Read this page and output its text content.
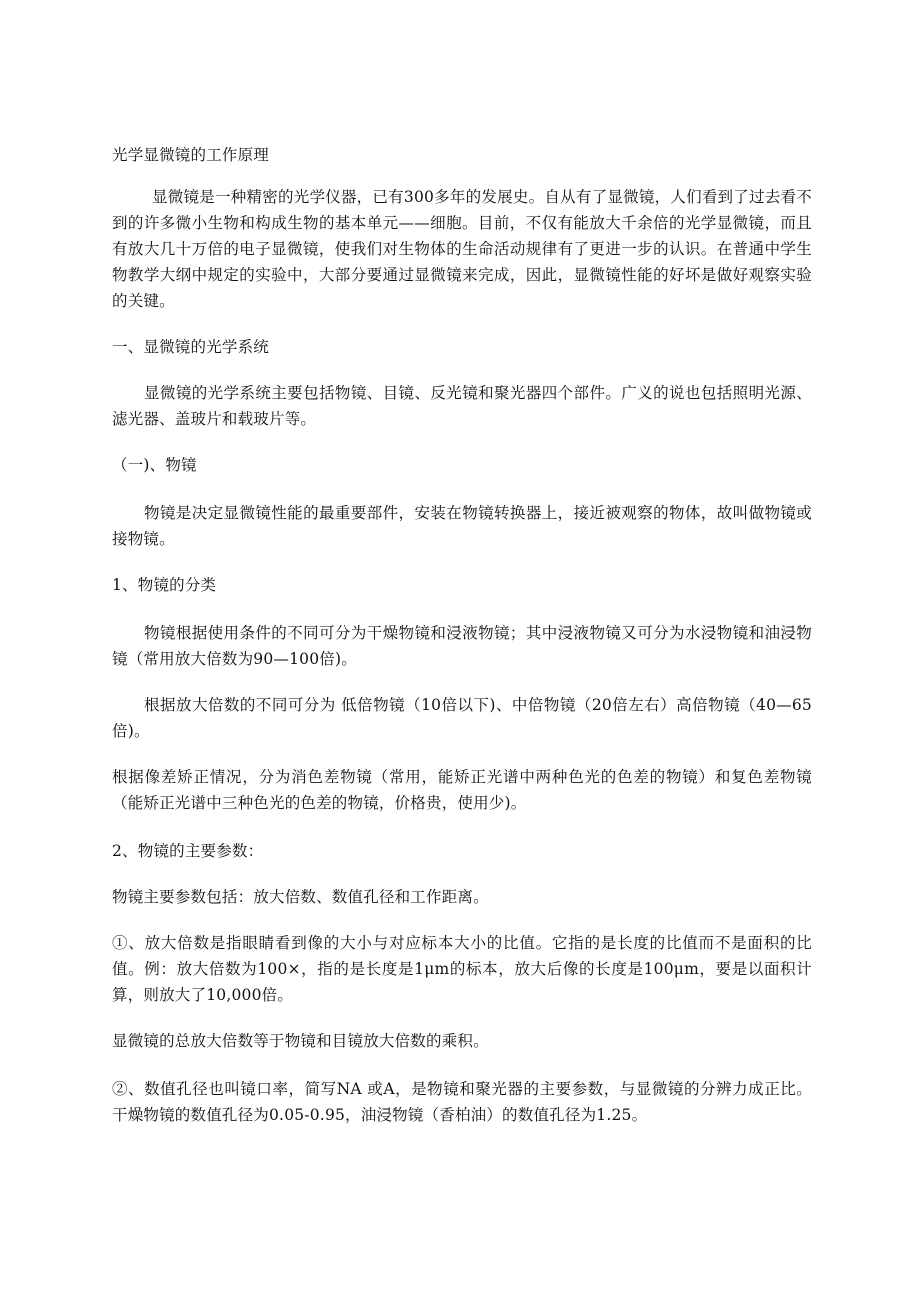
光学显微镜的工作原理

显微镜是一种精密的光学仪器，已有300多年的发展史。自从有了显微镜，人们看到了过去看不到的许多微小生物和构成生物的基本单元——细胞。目前，不仅有能放大千余倍的光学显微镜，而且有放大几十万倍的电子显微镜，使我们对生物体的生命活动规律有了更进一步的认识。在普通中学生物教学大纲中规定的实验中，大部分要通过显微镜来完成，因此，显微镜性能的好坏是做好观察实验的关键。

一、显微镜的光学系统

显微镜的光学系统主要包括物镜、目镜、反光镜和聚光器四个部件。广义的说也包括照明光源、滤光器、盖玻片和载玻片等。

（一)、物镜

物镜是决定显微镜性能的最重要部件，安装在物镜转换器上，接近被观察的物体，故叫做物镜或接物镜。

1、物镜的分类

物镜根据使用条件的不同可分为干燥物镜和浸液物镜；其中浸液物镜又可分为水浸物镜和油浸物镜（常用放大倍数为90—100倍)。

根据放大倍数的不同可分为 低倍物镜（10倍以下)、中倍物镜（20倍左右）高倍物镜（40—65倍)。

根据像差矫正情况，分为消色差物镜（常用，能矫正光谱中两种色光的色差的物镜）和复色差物镜（能矫正光谱中三种色光的色差的物镜，价格贵，使用少)。

2、物镜的主要参数：

物镜主要参数包括：放大倍数、数值孔径和工作距离。

①、放大倍数是指眼睛看到像的大小与对应标本大小的比值。它指的是长度的比值而不是面积的比值。例：放大倍数为100×，指的是长度是1μm的标本，放大后像的长度是100μm，要是以面积计算，则放大了10,000倍。

显微镜的总放大倍数等于物镜和目镜放大倍数的乘积。

②、数值孔径也叫镜口率，简写NA 或A，是物镜和聚光器的主要参数，与显微镜的分辨力成正比。干燥物镜的数值孔径为0.05-0.95，油浸物镜（香柏油）的数值孔径为1.25。
